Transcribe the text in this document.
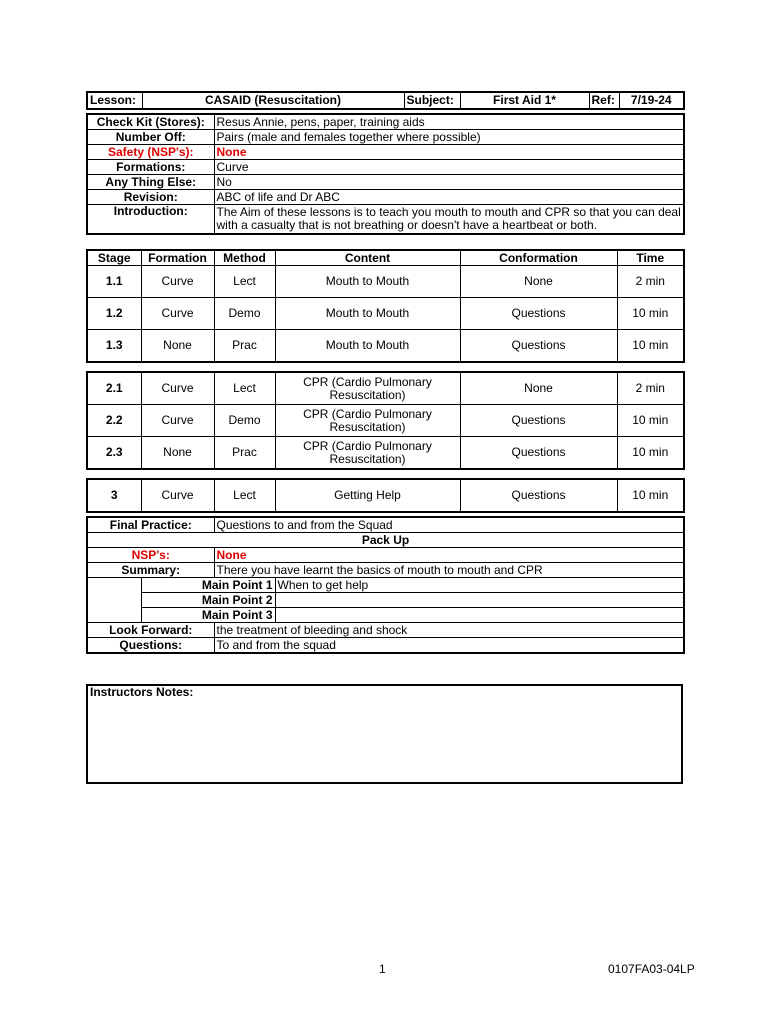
Lesson:	CASAID (Resuscitation)	Subject:	First Aid 1*	Ref:	7/19-24
Check Kit (Stores):	Resus Annie, pens, paper, training aids
Number Off:	Pairs (male and females together where possible)
Safety (NSP's):	None
Formations:	Curve
Any Thing Else:	No
Revision:	ABC of life and Dr ABC
Introduction:	The Aim of these lessons is to teach you mouth to mouth and CPR so that you can deal with a casualty that is not breathing or doesn't have a heartbeat or both.
Stage	Formation	Method	Content	Conformation	Time
1.1	Curve	Lect	Mouth to Mouth	None	2 min
1.2	Curve	Demo	Mouth to Mouth	Questions	10 min
1.3	None	Prac	Mouth to Mouth	Questions	10 min
2.1	Curve	Lect	CPR (Cardio Pulmonary Resuscitation)	None	2 min
2.2	Curve	Demo	CPR (Cardio Pulmonary Resuscitation)	Questions	10 min
2.3	None	Prac	CPR (Cardio Pulmonary Resuscitation)	Questions	10 min
3	Curve	Lect	Getting Help	Questions	10 min
Final Practice:		Questions to and from the Squad	
Pack Up			
NSP's:		None	
Summary:		There you have learnt the basics of mouth to mouth and CPR	
	Main Point 1		When to get help
	Main Point 2		
	Main Point 3		
Look Forward:		the treatment of bleeding and shock	
Questions:		To and from the squad	
Instructors Notes:
1	0107FA03-04LP
